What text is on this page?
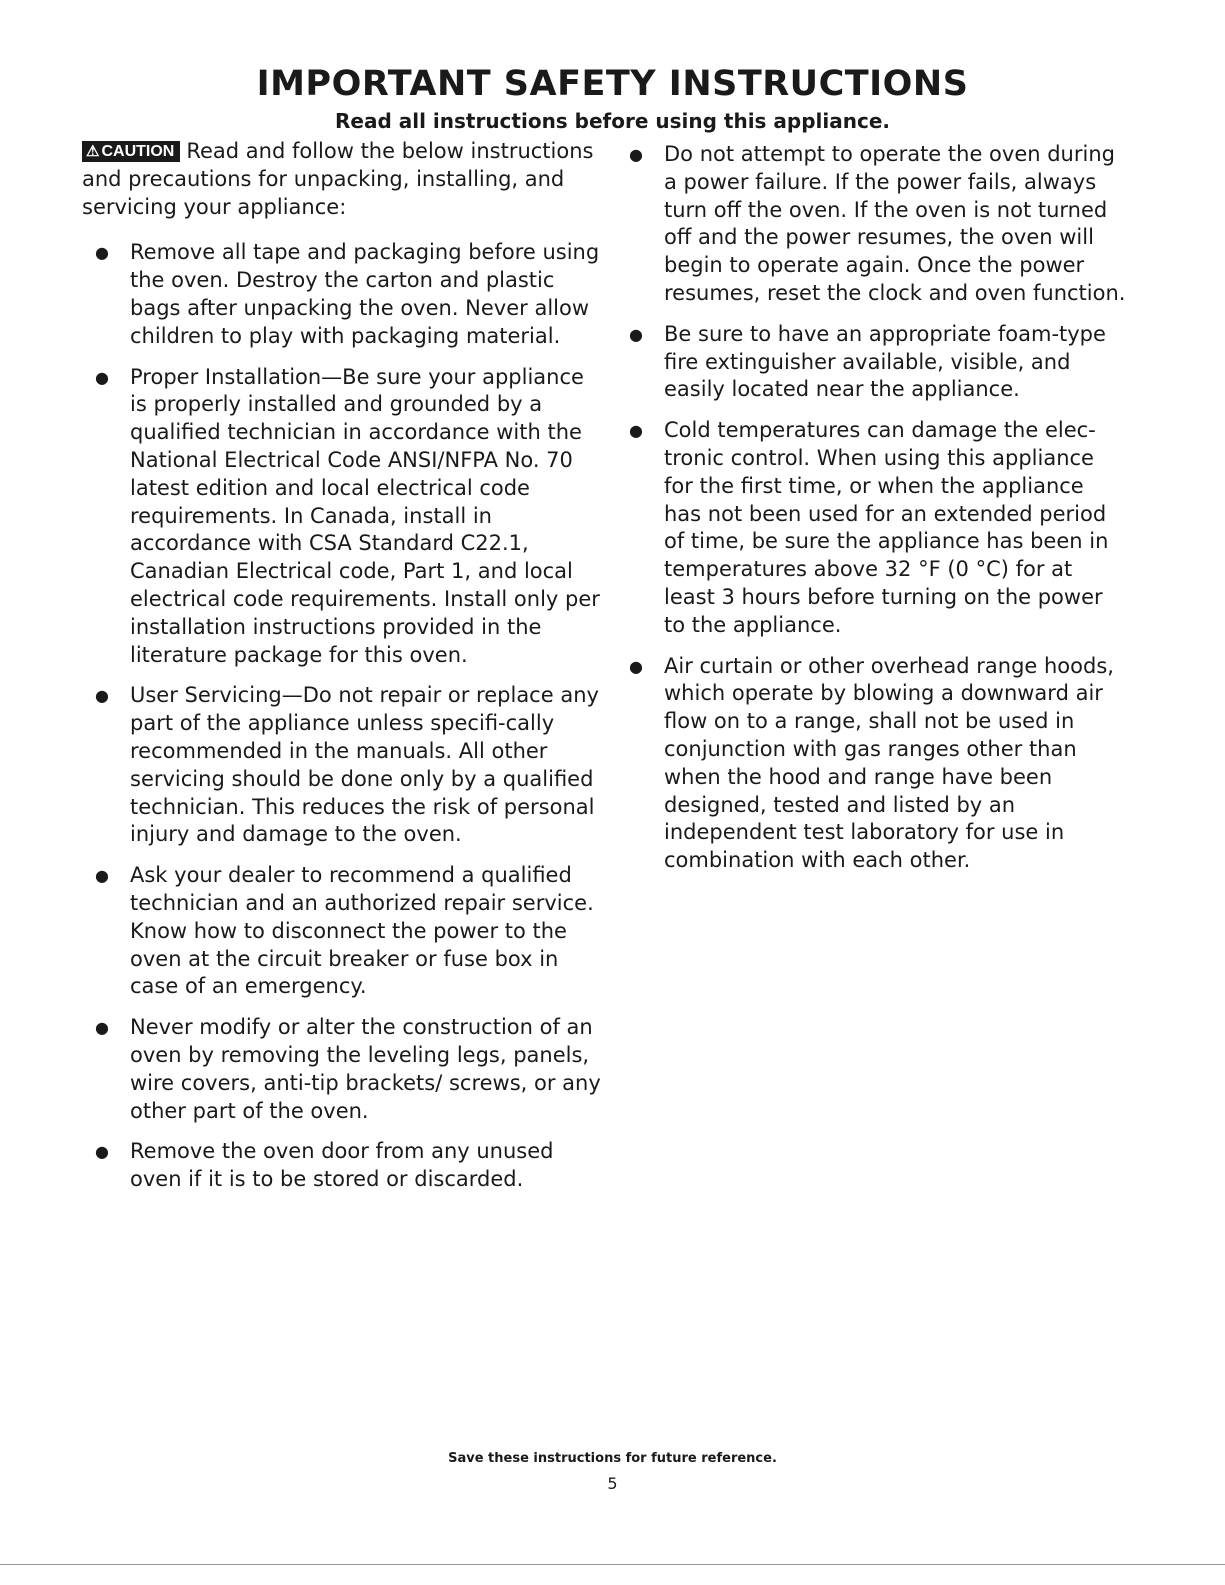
IMPORTANT SAFETY INSTRUCTIONS
Read all instructions before using this appliance.

⚠ CAUTION Read and follow the below instructions and precautions for unpacking, installing, and servicing your appliance:

● Remove all tape and packaging before using the oven. Destroy the carton and plastic bags after unpacking the oven. Never allow children to play with packaging material.
● Proper Installation—Be sure your appliance is properly installed and grounded by a qualified technician in accordance with the National Electrical Code ANSI/NFPA No. 70 latest edition and local electrical code requirements. In Canada, install in accordance with CSA Standard C22.1, Canadian Electrical code, Part 1, and local electrical code requirements. Install only per installation instructions provided in the literature package for this oven.
● User Servicing—Do not repair or replace any part of the appliance unless specifi-cally recommended in the manuals. All other servicing should be done only by a qualified technician. This reduces the risk of personal injury and damage to the oven.
● Ask your dealer to recommend a qualified technician and an authorized repair service. Know how to disconnect the power to the oven at the circuit breaker or fuse box in case of an emergency.
● Never modify or alter the construction of an oven by removing the leveling legs, panels, wire covers, anti-tip brackets/ screws, or any other part of the oven.
● Remove the oven door from any unused oven if it is to be stored or discarded.
● Do not attempt to operate the oven during a power failure. If the power fails, always turn off the oven. If the oven is not turned off and the power resumes, the oven will begin to operate again. Once the power resumes, reset the clock and oven function.
● Be sure to have an appropriate foam-type fire extinguisher available, visible, and easily located near the appliance.
● Cold temperatures can damage the elec-tronic control. When using this appliance for the first time, or when the appliance has not been used for an extended period of time, be sure the appliance has been in temperatures above 32 °F (0 °C) for at least 3 hours before turning on the power to the appliance.
● Air curtain or other overhead range hoods, which operate by blowing a downward air flow on to a range, shall not be used in conjunction with gas ranges other than when the hood and range have been designed, tested and listed by an independent test laboratory for use in combination with each other.
Save these instructions for future reference.
5
